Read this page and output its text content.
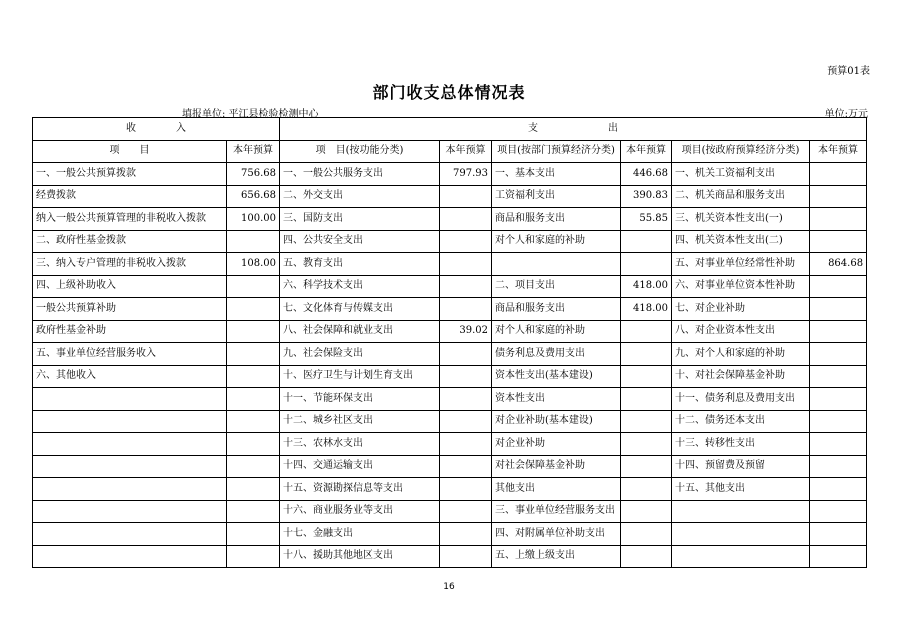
预算01表
部门收支总体情况表
填报单位: 平江县检验检测中心	单位:万元
收　　　　入		支　　　　　　　出					
项　　目	本年预算	项　目(按功能分类)	本年预算	项目(按部门预算经济分类)	本年预算	项目(按政府预算经济分类)	本年预算
一、一般公共预算拨款	756.68	一、一般公共服务支出	797.93	一、基本支出	446.68	一、机关工资福利支出	
经费拨款	656.68	二、外交支出		工资福利支出	390.83	二、机关商品和服务支出	
纳入一般公共预算管理的非税收入拨款	100.00	三、国防支出		商品和服务支出	55.85	三、机关资本性支出(一)	
二、政府性基金拨款		四、公共安全支出		对个人和家庭的补助		四、机关资本性支出(二)	
三、纳入专户管理的非税收入拨款	108.00	五、教育支出				五、对事业单位经常性补助	864.68
四、上级补助收入		六、科学技术支出		二、项目支出	418.00	六、对事业单位资本性补助	
一般公共预算补助		七、文化体育与传媒支出		商品和服务支出	418.00	七、对企业补助	
政府性基金补助		八、社会保障和就业支出	39.02	对个人和家庭的补助		八、对企业资本性支出	
五、事业单位经营服务收入		九、社会保险支出		债务利息及费用支出		九、对个人和家庭的补助	
六、其他收入		十、医疗卫生与计划生育支出		资本性支出(基本建设)		十、对社会保障基金补助	
		十一、节能环保支出		资本性支出		十一、债务利息及费用支出	
		十二、城乡社区支出		对企业补助(基本建设)		十二、债务还本支出	
		十三、农林水支出		对企业补助		十三、转移性支出	
		十四、交通运输支出		对社会保障基金补助		十四、预留费及预留	
		十五、资源勘探信息等支出		其他支出		十五、其他支出	
		十六、商业服务业等支出		三、事业单位经营服务支出			
		十七、金融支出		四、对附属单位补助支出			
		十八、援助其他地区支出		五、上缴上级支出			
16
